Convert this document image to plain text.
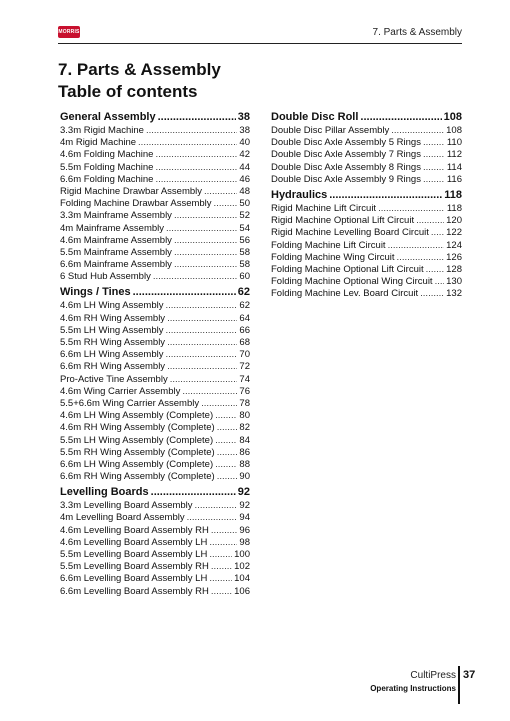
MORRIS	7. Parts & Assembly
7. Parts & Assembly
Table of contents
General Assembly .....	38
3.3m Rigid Machine .....	38
4m Rigid Machine .....	40
4.6m Folding Machine .....	42
5.5m Folding Machine .....	44
6.6m Folding Machine .....	46
Rigid Machine Drawbar Assembly .....	48
Folding Machine Drawbar Assembly .....	50
3.3m Mainframe Assembly .....	52
4m Mainframe Assembly .....	54
4.6m Mainframe Assembly .....	56
5.5m Mainframe Assembly .....	58
6.6m Mainframe Assembly .....	58
6 Stud Hub Assembly .....	60
Wings / Tines .....	62
4.6m LH Wing Assembly .....	62
4.6m RH Wing Assembly .....	64
5.5m LH Wing Assembly .....	66
5.5m RH Wing Assembly .....	68
6.6m LH Wing Assembly .....	70
6.6m RH Wing Assembly .....	72
Pro-Active Tine Assembly .....	74
4.6m Wing Carrier Assembly .....	76
5.5+6.6m Wing Carrier Assembly .....	78
4.6m LH Wing Assembly (Complete) .....	80
4.6m RH Wing Assembly (Complete) .....	82
5.5m LH Wing Assembly (Complete) .....	84
5.5m RH Wing Assembly (Complete) .....	86
6.6m LH Wing Assembly (Complete) .....	88
6.6m RH Wing Assembly (Complete) .....	90
Levelling Boards .....	92
3.3m Levelling Board Assembly .....	92
4m Levelling Board Assembly .....	94
4.6m Levelling Board Assembly RH .....	96
4.6m Levelling Board Assembly LH .....	98
5.5m Levelling Board Assembly LH .....	100
5.5m Levelling Board Assembly RH .....	102
6.6m Levelling Board Assembly LH .....	104
6.6m Levelling Board Assembly RH .....	106
Double Disc Roll .....	108
Double Disc Pillar Assembly .....	108
Double Disc Axle Assembly 5 Rings .....	110
Double Disc Axle Assembly 7 Rings .....	112
Double Disc Axle Assembly 8 Rings .....	114
Double Disc Axle Assembly 9 Rings .....	116
Hydraulics .....	118
Rigid Machine Lift Circuit .....	118
Rigid Machine Optional Lift Circuit .....	120
Rigid Machine Levelling Board Circuit ..... 122
Folding Machine Lift Circuit .....	124
Folding Machine Wing Circuit .....	126
Folding Machine Optional Lift Circuit ..... 128
Folding Machine Optional Wing Circuit ..... 130
Folding Machine Lev. Board Circuit .....	132
CultiPress
Operating Instructions
37
